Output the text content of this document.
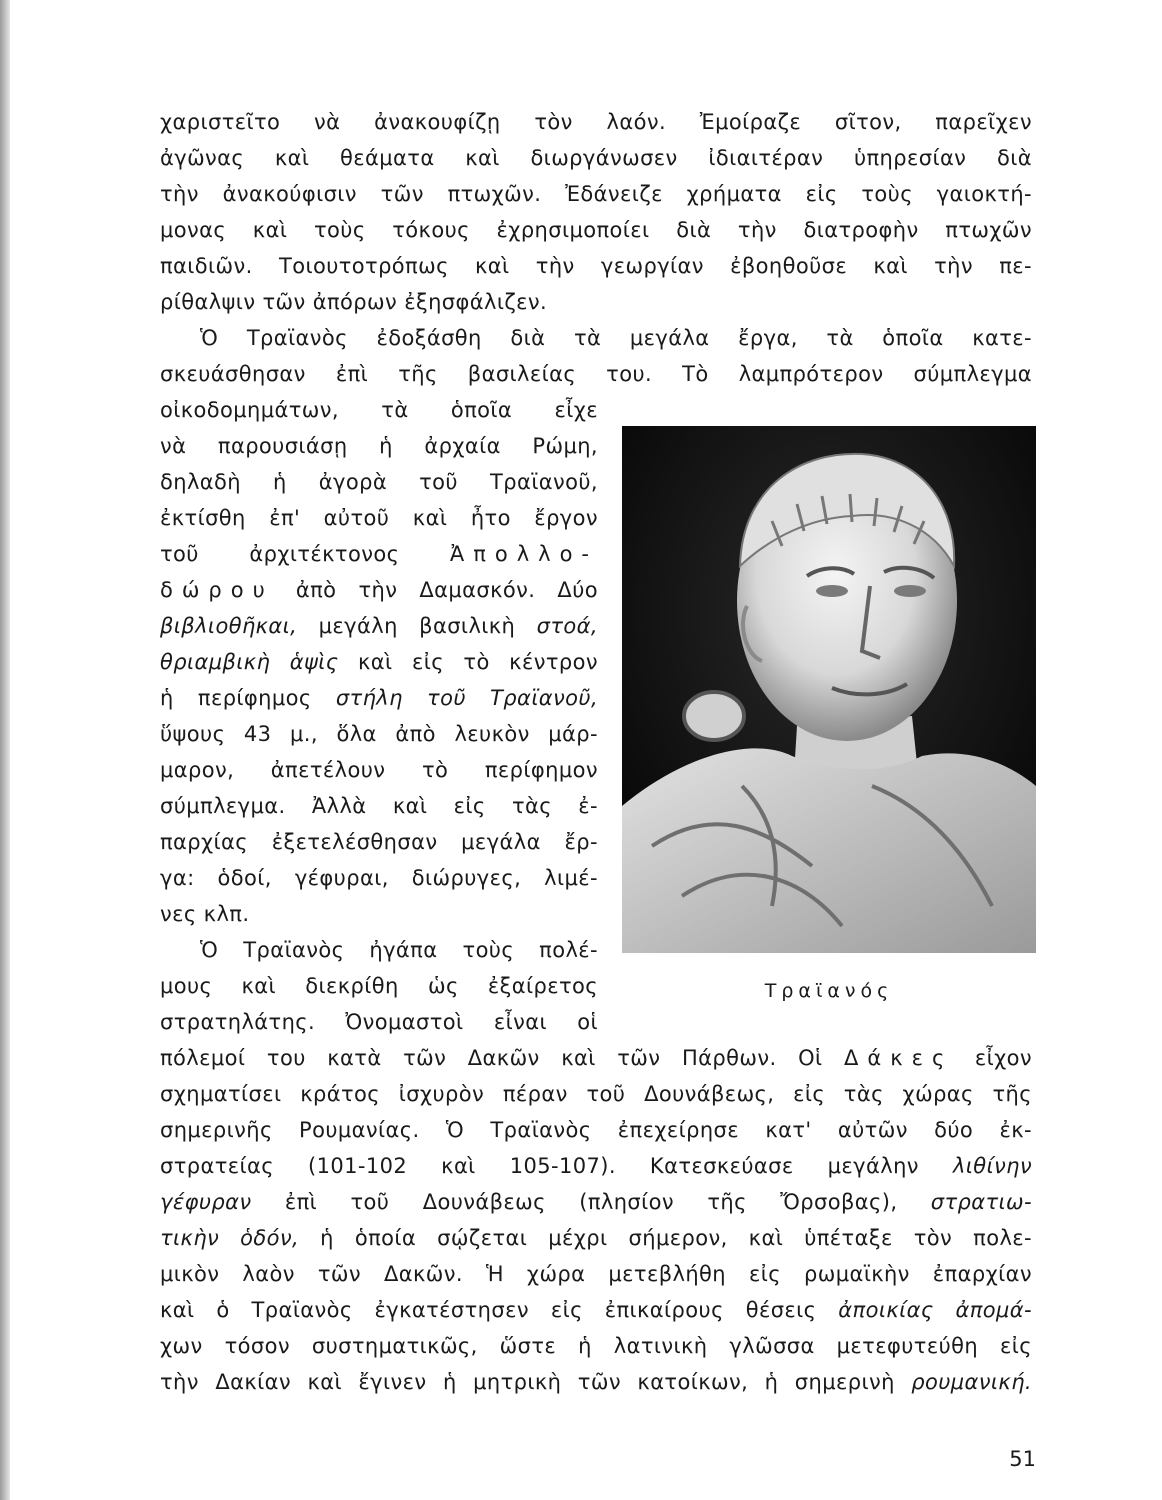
χαριστεῖτο νὰ ἀνακουφίζῃ τὸν λαόν. Ἐμοίραζε σῖτον, παρεῖχεν
ἀγῶνας καὶ θεάματα καὶ διωργάνωσεν ἰδιαιτέραν ὑπηρεσίαν διὰ
τὴν ἀνακούφισιν τῶν πτωχῶν. Ἐδάνειζε χρήματα εἰς τοὺς γαιοκτή-
μονας καὶ τοὺς τόκους ἐχρησιμοποίει διὰ τὴν διατροφὴν πτωχῶν
παιδιῶν. Τοιουτοτρόπως καὶ τὴν γεωργίαν ἐβοηθοῦσε καὶ τὴν πε-
ρίθαλψιν τῶν ἀπόρων ἐξησφάλιζεν.
Ὁ Τραϊανὸς ἐδοξάσθη διὰ τὰ μεγάλα ἔργα, τὰ ὁποῖα κατε-
σκευάσθησαν ἐπὶ τῆς βασιλείας του. Τὸ λαμπρότερον σύμπλεγμα
οἰκοδομημάτων, τὰ ὁποῖα εἶχε
νὰ παρουσιάσῃ ἡ ἀρχαία Ρώμη,
δηλαδὴ ἡ ἀγορὰ τοῦ Τραϊανοῦ,
ἐκτίσθη ἐπ' αὐτοῦ καὶ ἦτο ἔργον
τοῦ ἀρχιτέκτονος Ἀπολλο-
δώρου ἀπὸ τὴν Δαμασκόν. Δύο
βιβλιοθῆκαι, μεγάλη βασιλικὴ στοά,
θριαμβικὴ ἁψὶς καὶ εἰς τὸ κέντρον
ἡ περίφημος στήλη τοῦ Τραϊανοῦ,
ὕψους 43 μ., ὅλα ἀπὸ λευκὸν μάρ-
μαρον, ἀπετέλουν τὸ περίφημον
σύμπλεγμα. Ἀλλὰ καὶ εἰς τὰς ἐ-
παρχίας ἐξετελέσθησαν μεγάλα ἔρ-
γα: ὁδοί, γέφυραι, διώρυγες, λιμέ-
νες κλπ.
Ὁ Τραϊανὸς ἠγάπα τοὺς πολέ-
μους καὶ διεκρίθη ὡς ἐξαίρετος
στρατηλάτης. Ὀνομαστοὶ εἶναι οἱ
πόλεμοί του κατὰ τῶν Δακῶν καὶ τῶν Πάρθων. Οἱ Δάκες εἶχον
σχηματίσει κράτος ἰσχυρὸν πέραν τοῦ Δουνάβεως, εἰς τὰς χώρας τῆς
σημερινῆς Ρουμανίας. Ὁ Τραϊανὸς ἐπεχείρησε κατ' αὐτῶν δύο ἐκ-
στρατείας (101-102 καὶ 105-107). Κατεσκεύασε μεγάλην λιθίνην
γέφυραν ἐπὶ τοῦ Δουνάβεως (πλησίον τῆς Ὄρσοβας), στρατιω-
τικὴν ὁδόν, ἡ ὁποία σῴζεται μέχρι σήμερον, καὶ ὑπέταξε τὸν πολε-
μικὸν λαὸν τῶν Δακῶν. Ἡ χώρα μετεβλήθη εἰς ρωμαϊκὴν ἐπαρχίαν
καὶ ὁ Τραϊανὸς ἐγκατέστησεν εἰς ἐπικαίρους θέσεις ἀποικίας ἀπομά-
χων τόσον συστηματικῶς, ὥστε ἡ λατινικὴ γλῶσσα μετεφυτεύθη εἰς
τὴν Δακίαν καὶ ἔγινεν ἡ μητρικὴ τῶν κατοίκων, ἡ σημερινὴ ρουμανική.
Τραϊανός
51
